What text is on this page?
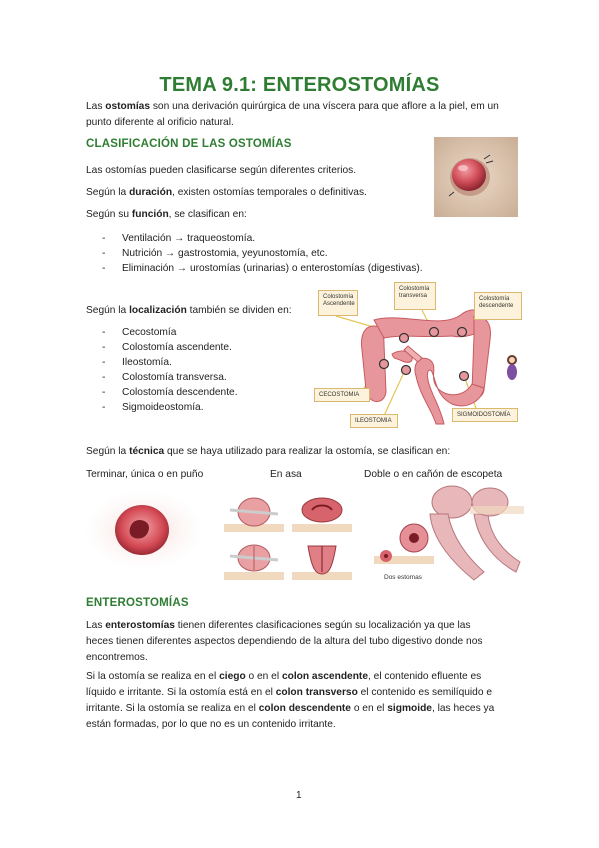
TEMA 9.1: ENTEROSTOMÍAS
Las ostomías son una derivación quirúrgica de una víscera para que aflore a la piel, em un
punto diferente al orificio natural.
CLASIFICACIÓN DE LAS OSTOMÍAS
Las ostomías pueden clasificarse según diferentes criterios.
Según la duración, existen ostomías temporales o definitivas.
Según su función, se clasifican en:
- Ventilación → traqueostomía.
- Nutrición → gastrostomia, yeyunostomía, etc.
- Eliminación → urostomías (urinarias) o enterostomías (digestivas).
Según la localización también se dividen en:
- Cecostomía
- Colostomía ascendente.
- Ileostomía.
- Colostomía transversa.
- Colostomía descendente.
- Sigmoideostomía.
Colostomía Ascendente
Colostomía transversa	Colostomía descendente
CECOSTOMIA
ILEOSTOMIA
SIGMOIDOSTOMÍA
Según la técnica que se haya utilizado para realizar la ostomía, se clasifican en:
Terminar, única o en puño	En asa	Doble o en cañón de escopeta
Dos estomas
ENTEROSTOMÍAS
Las enterostomías tienen diferentes clasificaciones según su localización ya que las
heces tienen diferentes aspectos dependiendo de la altura del tubo digestivo donde nos
encontremos.
Si la ostomía se realiza en el ciego o en el colon ascendente, el contenido efluente es
líquido e irritante. Si la ostomía está en el colon transverso el contenido es semilíquido e
irritante. Si la ostomía se realiza en el colon descendente o en el sigmoide, las heces ya
están formadas, por lo que no es un contenido irritante.
1
